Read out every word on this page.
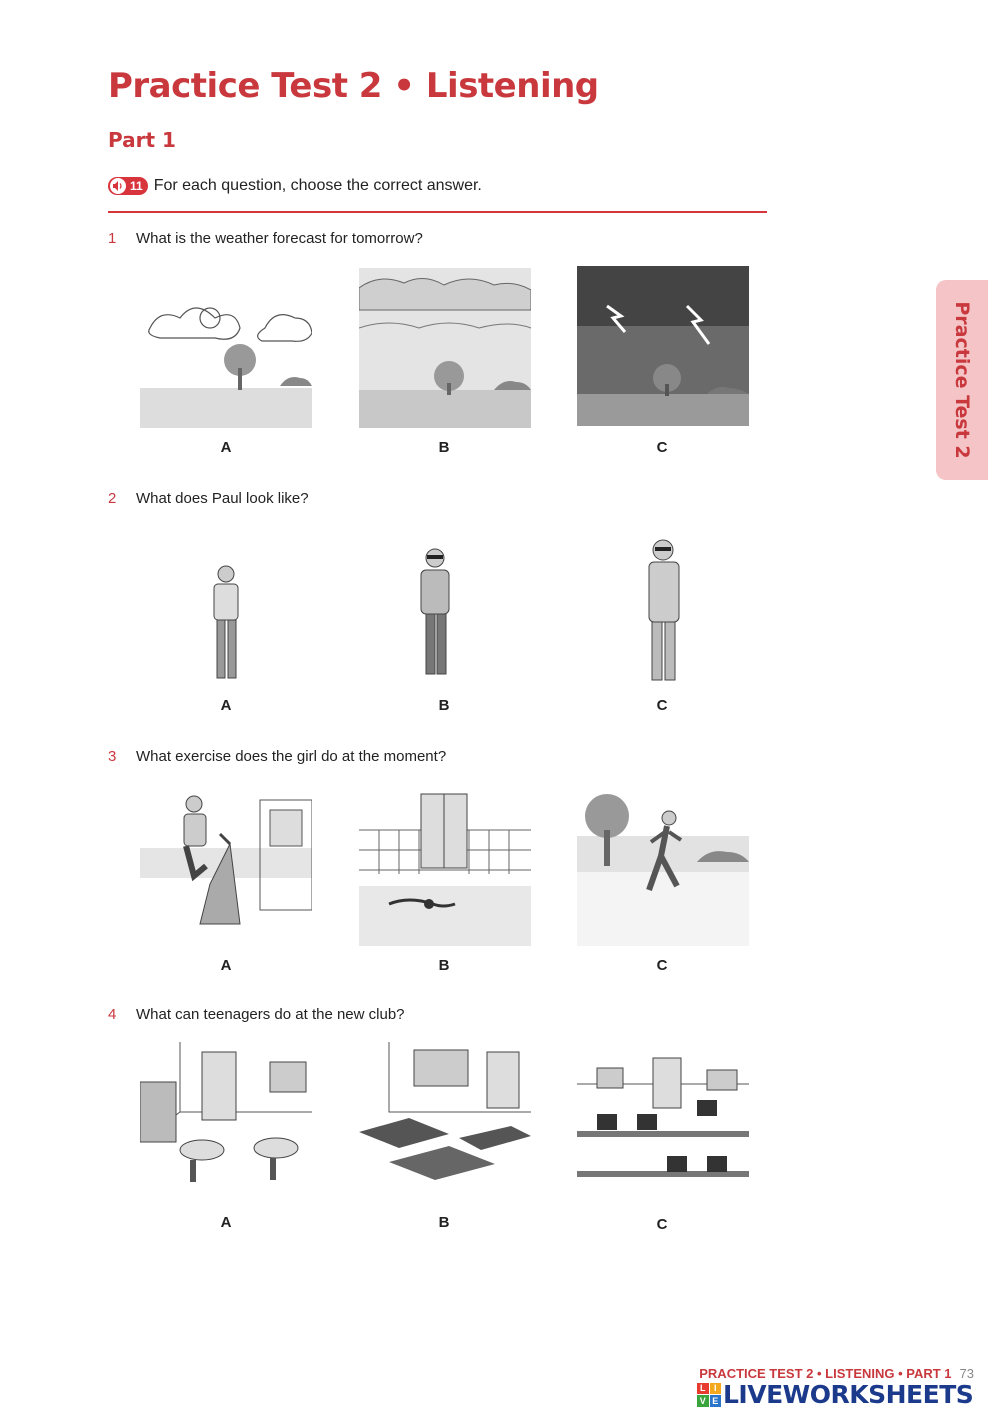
Practice Test 2 • Listening
Part 1
11 For each question, choose the correct answer.
1 What is the weather forecast for tomorrow?
A	B	C
2 What does Paul look like?
A	B	C
3 What exercise does the girl do at the moment?
A	B	C
4 What can teenagers do at the new club?
A	B	C
Practice Test 2
PRACTICE TEST 2 • LISTENING • PART 1 73
L I
V E LIVEWORKSHEETS
